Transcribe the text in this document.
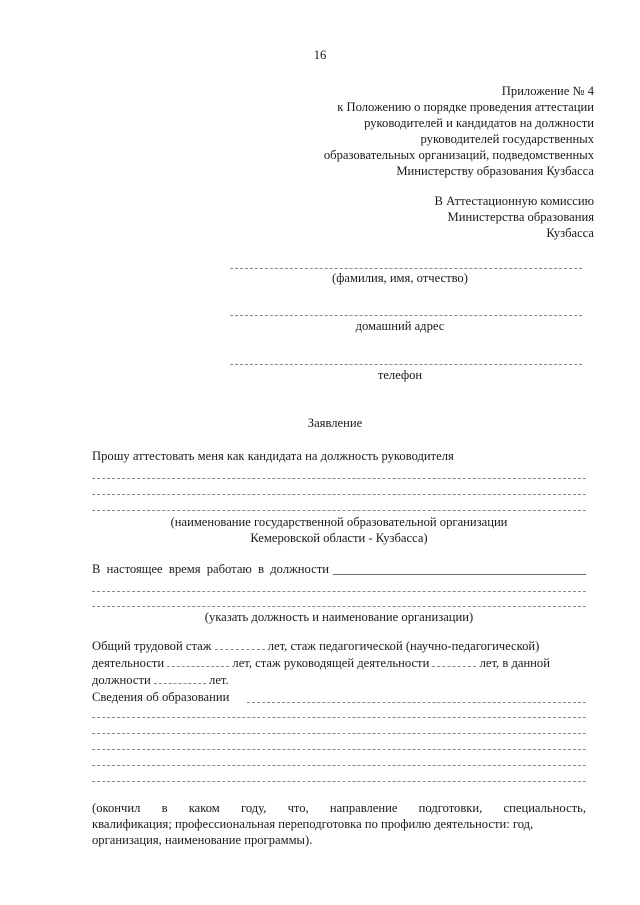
16
Приложение № 4
к Положению о порядке проведения аттестации
руководителей и кандидатов на должности
руководителей государственных
образовательных организаций, подведомственных
Министерству образования Кузбасса
В Аттестационную комиссию
Министерства образования
Кузбасса
(фамилия, имя, отчество)
домашний адрес
телефон
Заявление
Прошу аттестовать меня как кандидата на должность руководителя
(наименование государственной образовательной организации
Кемеровской области - Кузбасса)
В настоящее время работаю в должности
(указать должность и наименование организации)
Общий трудовой стаж	лет, стаж педагогической (научно-педагогической)
деятельности	лет, стаж руководящей деятельности	лет, в данной
должности	лет.
Сведения об образовании
(окончил в каком году, что, направление подготовки, специальность,
квалификация; профессиональная переподготовка по профилю деятельности: год,
организация, наименование программы).
